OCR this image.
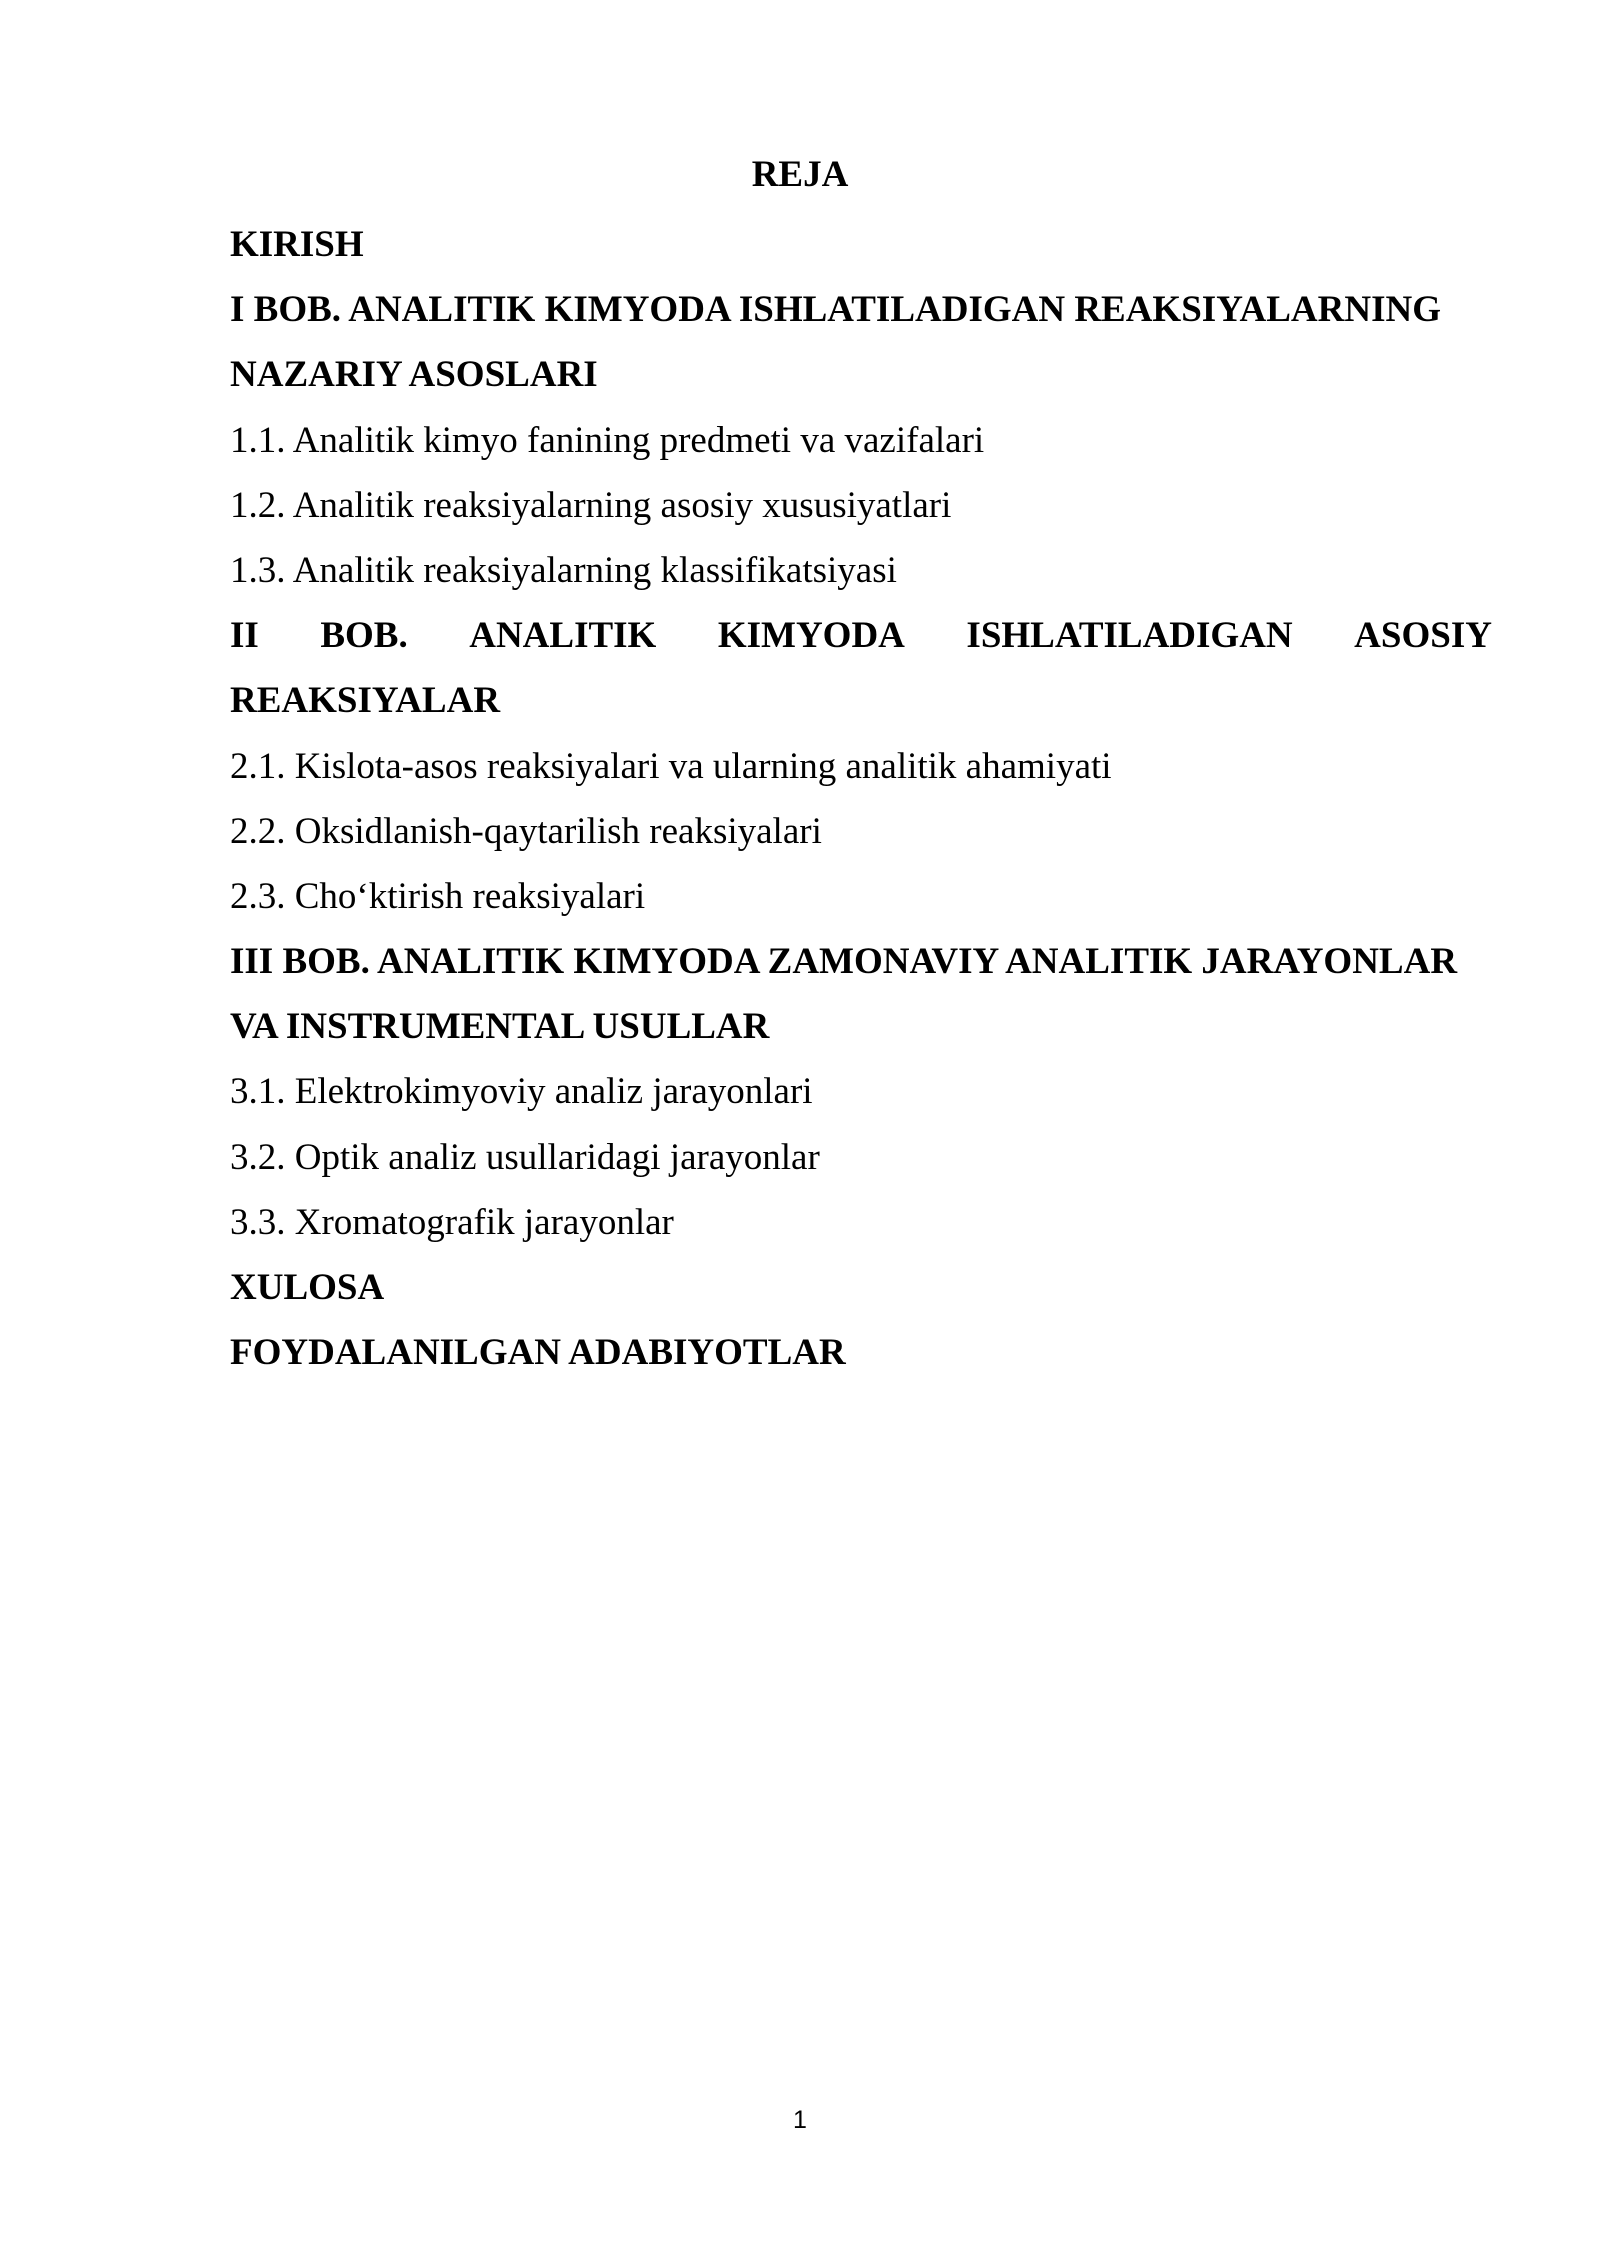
REJA
KIRISH
I BOB. ANALITIK KIMYODA ISHLATILADIGAN REAKSIYALARNING
NAZARIY ASOSLARI
1.1. Analitik kimyo fanining predmeti va vazifalari
1.2. Analitik reaksiyalarning asosiy xususiyatlari
1.3. Analitik reaksiyalarning klassifikatsiyasi
II BOB. ANALITIK KIMYODA ISHLATILADIGAN ASOSIY
REAKSIYALAR
2.1. Kislota-asos reaksiyalari va ularning analitik ahamiyati
2.2. Oksidlanish-qaytarilish reaksiyalari
2.3. Cho‘ktirish reaksiyalari
III BOB. ANALITIK KIMYODA ZAMONAVIY ANALITIK JARAYONLAR
VA INSTRUMENTAL USULLAR
3.1. Elektrokimyoviy analiz jarayonlari
3.2. Optik analiz usullaridagi jarayonlar
3.3. Xromatografik jarayonlar
XULOSA
FOYDALANILGAN ADABIYOTLAR
1
